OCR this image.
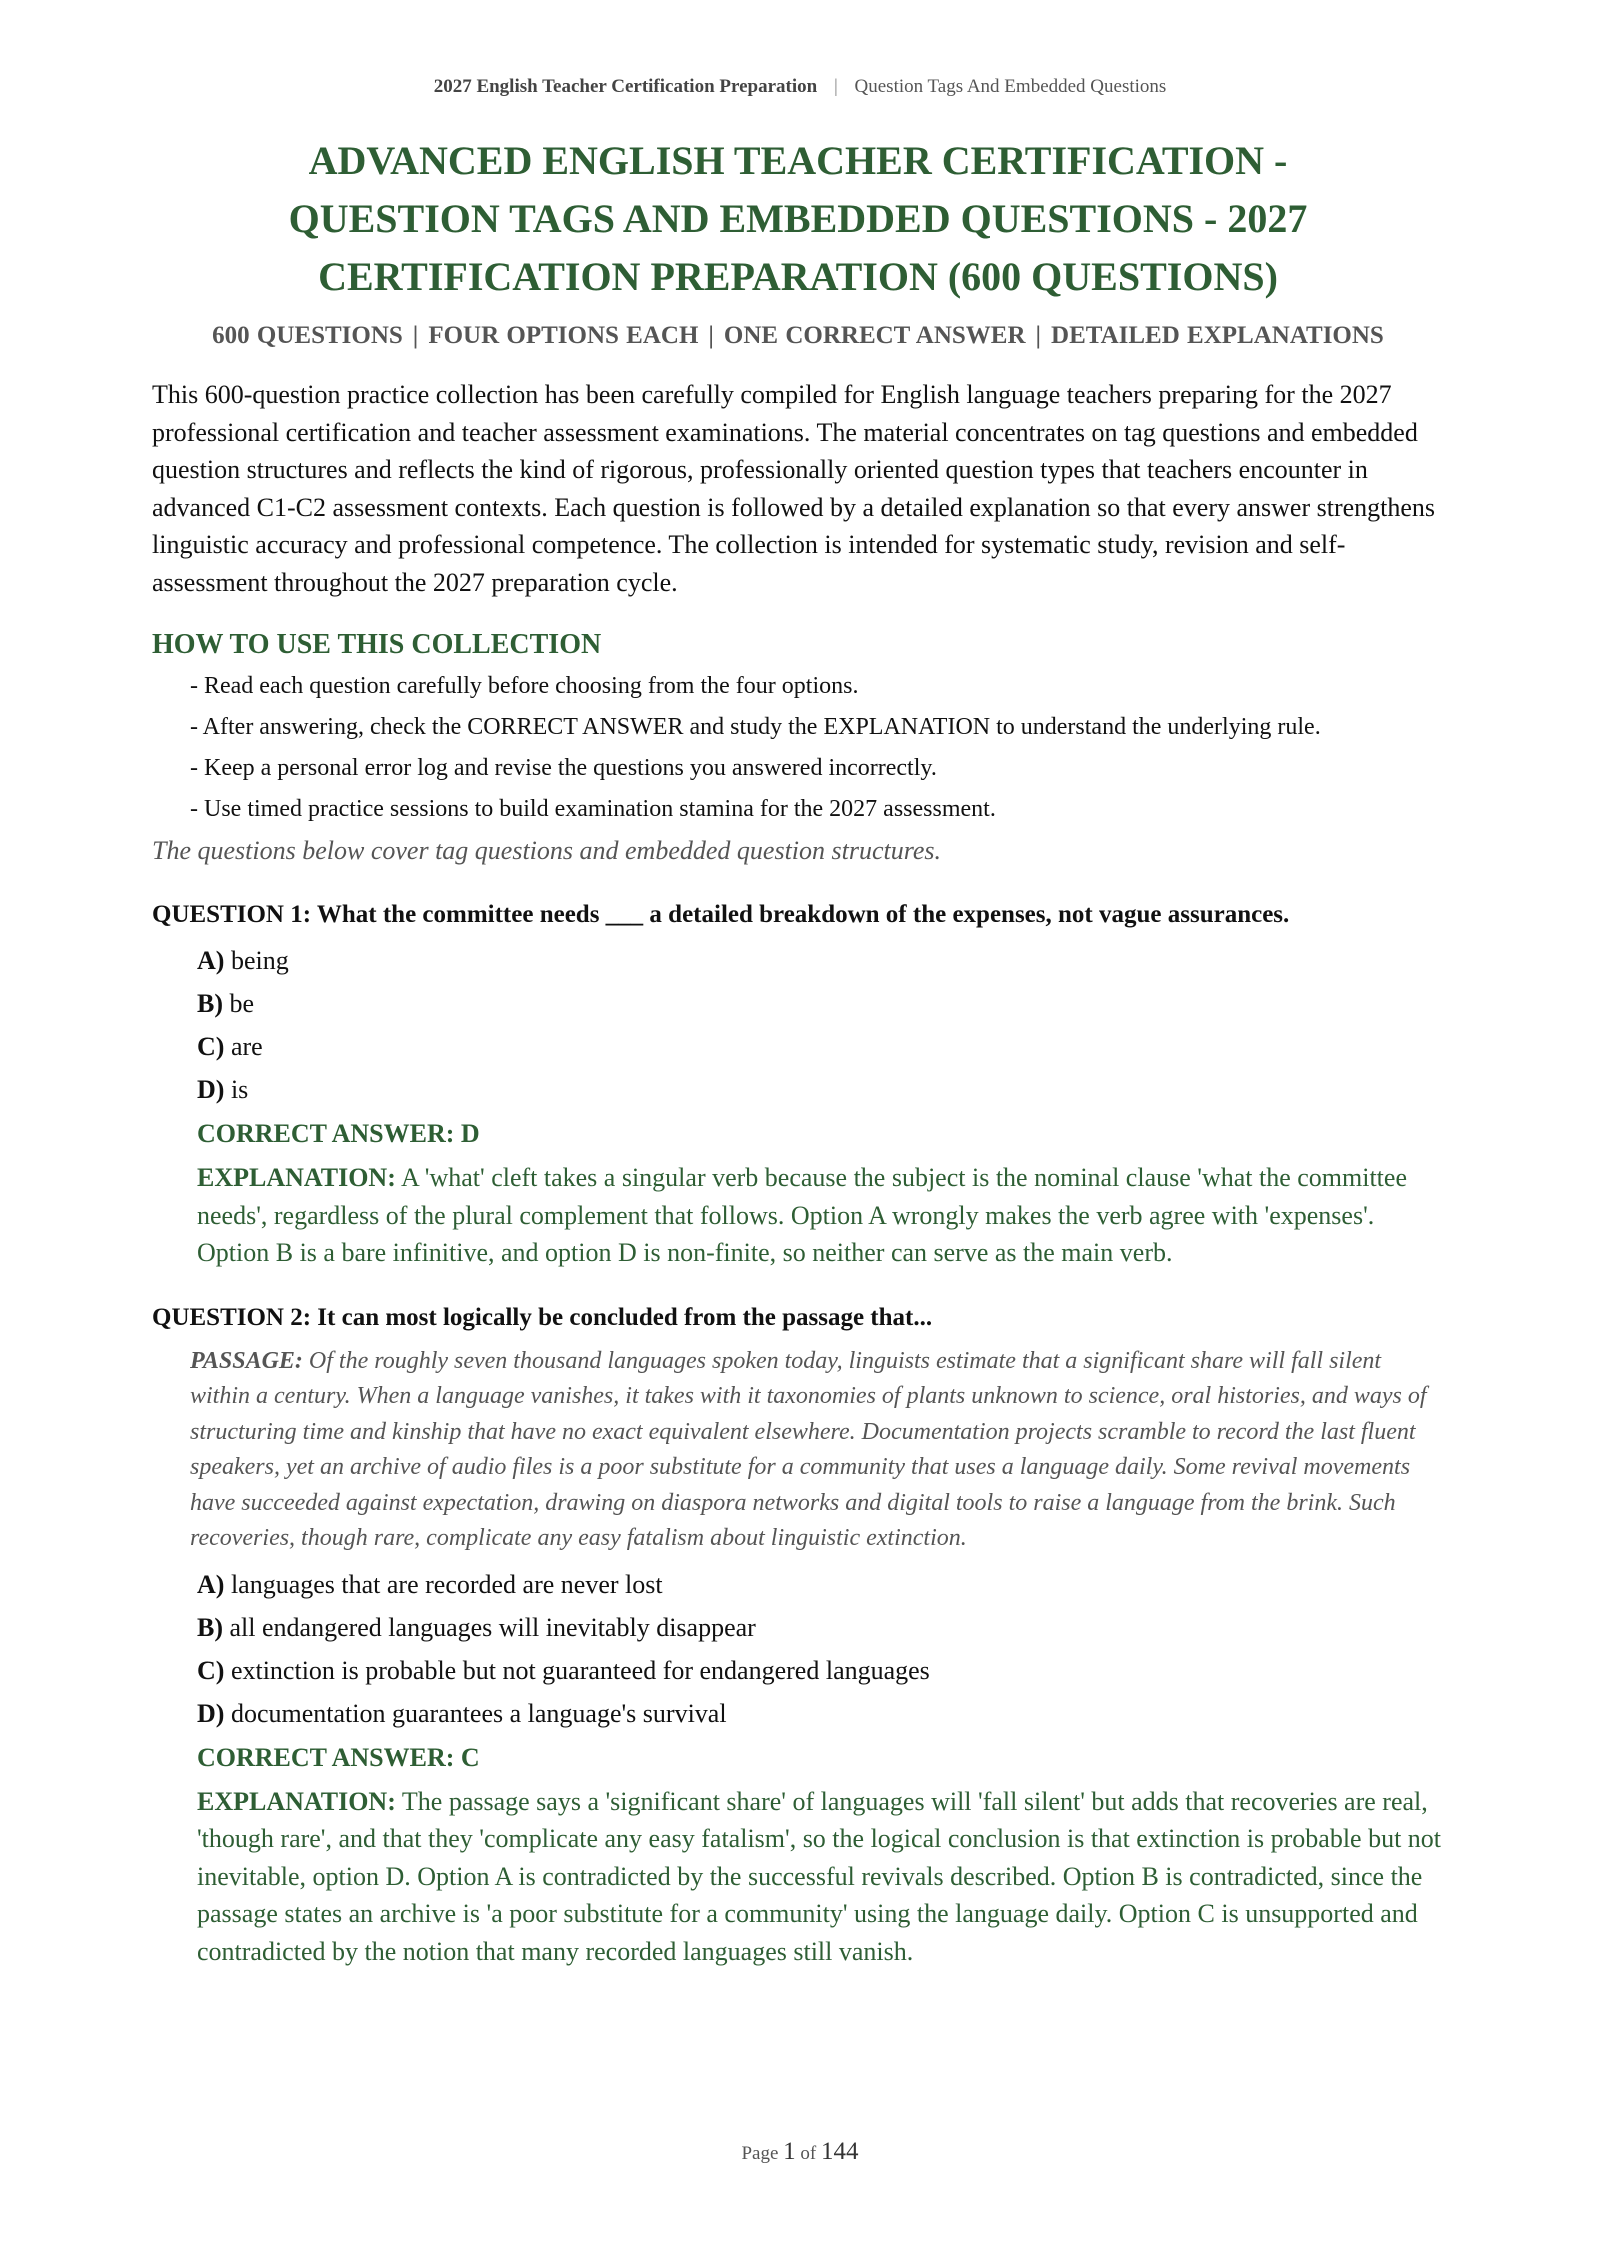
2027 English Teacher Certification Preparation | Question Tags And Embedded Questions
ADVANCED ENGLISH TEACHER CERTIFICATION -
QUESTION TAGS AND EMBEDDED QUESTIONS - 2027
CERTIFICATION PREPARATION (600 QUESTIONS)

600 QUESTIONS | FOUR OPTIONS EACH | ONE CORRECT ANSWER | DETAILED EXPLANATIONS

This 600-question practice collection has been carefully compiled for English language teachers preparing for the 2027 professional certification and teacher assessment examinations. The material concentrates on tag questions and embedded question structures and reflects the kind of rigorous, professionally oriented question types that teachers encounter in advanced C1-C2 assessment contexts. Each question is followed by a detailed explanation so that every answer strengthens linguistic accuracy and professional competence. The collection is intended for systematic study, revision and self-assessment throughout the 2027 preparation cycle.

HOW TO USE THIS COLLECTION
- Read each question carefully before choosing from the four options.
- After answering, check the CORRECT ANSWER and study the EXPLANATION to understand the underlying rule.
- Keep a personal error log and revise the questions you answered incorrectly.
- Use timed practice sessions to build examination stamina for the 2027 assessment.

The questions below cover tag questions and embedded question structures.

QUESTION 1: What the committee needs ___ a detailed breakdown of the expenses, not vague assurances.

A) being
B) be
C) are
D) is

CORRECT ANSWER: D

EXPLANATION: A 'what' cleft takes a singular verb because the subject is the nominal clause 'what the committee needs', regardless of the plural complement that follows. Option A wrongly makes the verb agree with 'expenses'. Option B is a bare infinitive, and option D is non-finite, so neither can serve as the main verb.

QUESTION 2: It can most logically be concluded from the passage that...

PASSAGE: Of the roughly seven thousand languages spoken today, linguists estimate that a significant share will fall silent within a century. When a language vanishes, it takes with it taxonomies of plants unknown to science, oral histories, and ways of structuring time and kinship that have no exact equivalent elsewhere. Documentation projects scramble to record the last fluent speakers, yet an archive of audio files is a poor substitute for a community that uses a language daily. Some revival movements have succeeded against expectation, drawing on diaspora networks and digital tools to raise a language from the brink. Such recoveries, though rare, complicate any easy fatalism about linguistic extinction.

A) languages that are recorded are never lost
B) all endangered languages will inevitably disappear
C) extinction is probable but not guaranteed for endangered languages
D) documentation guarantees a language's survival

CORRECT ANSWER: C

EXPLANATION: The passage says a 'significant share' of languages will 'fall silent' but adds that recoveries are real, 'though rare', and that they 'complicate any easy fatalism', so the logical conclusion is that extinction is probable but not inevitable, option D. Option A is contradicted by the successful revivals described. Option B is contradicted, since the passage states an archive is 'a poor substitute for a community' using the language daily. Option C is unsupported and contradicted by the notion that many recorded languages still vanish.

Page 1 of 144
